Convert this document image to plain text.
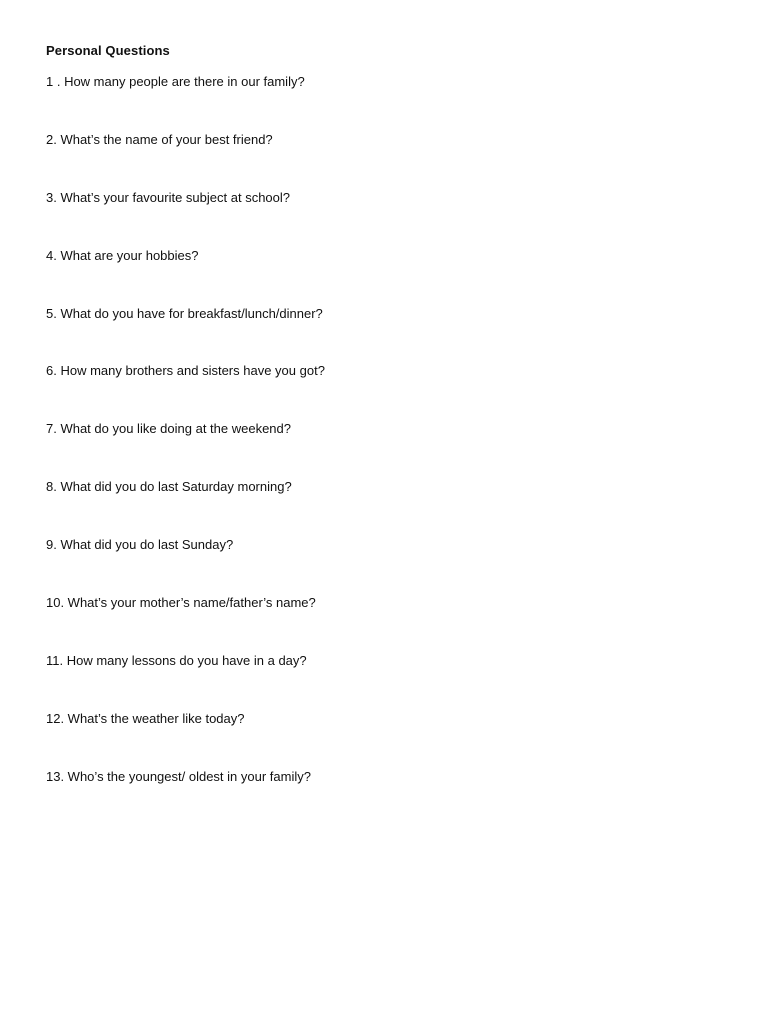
Personal Questions
1 . How many people are there in our family?
2. What’s the name of your best friend?
3. What’s your favourite subject at school?
4. What are your hobbies?
5. What do you have for breakfast/lunch/dinner?
6. How many brothers and sisters have you got?
7. What do you like doing at the weekend?
8. What did you do last Saturday morning?
9. What did you do last Sunday?
10. What’s your mother’s name/father’s name?
11. How many lessons do you have in a day?
12. What’s the weather like today?
13. Who’s the youngest/ oldest in your family?
